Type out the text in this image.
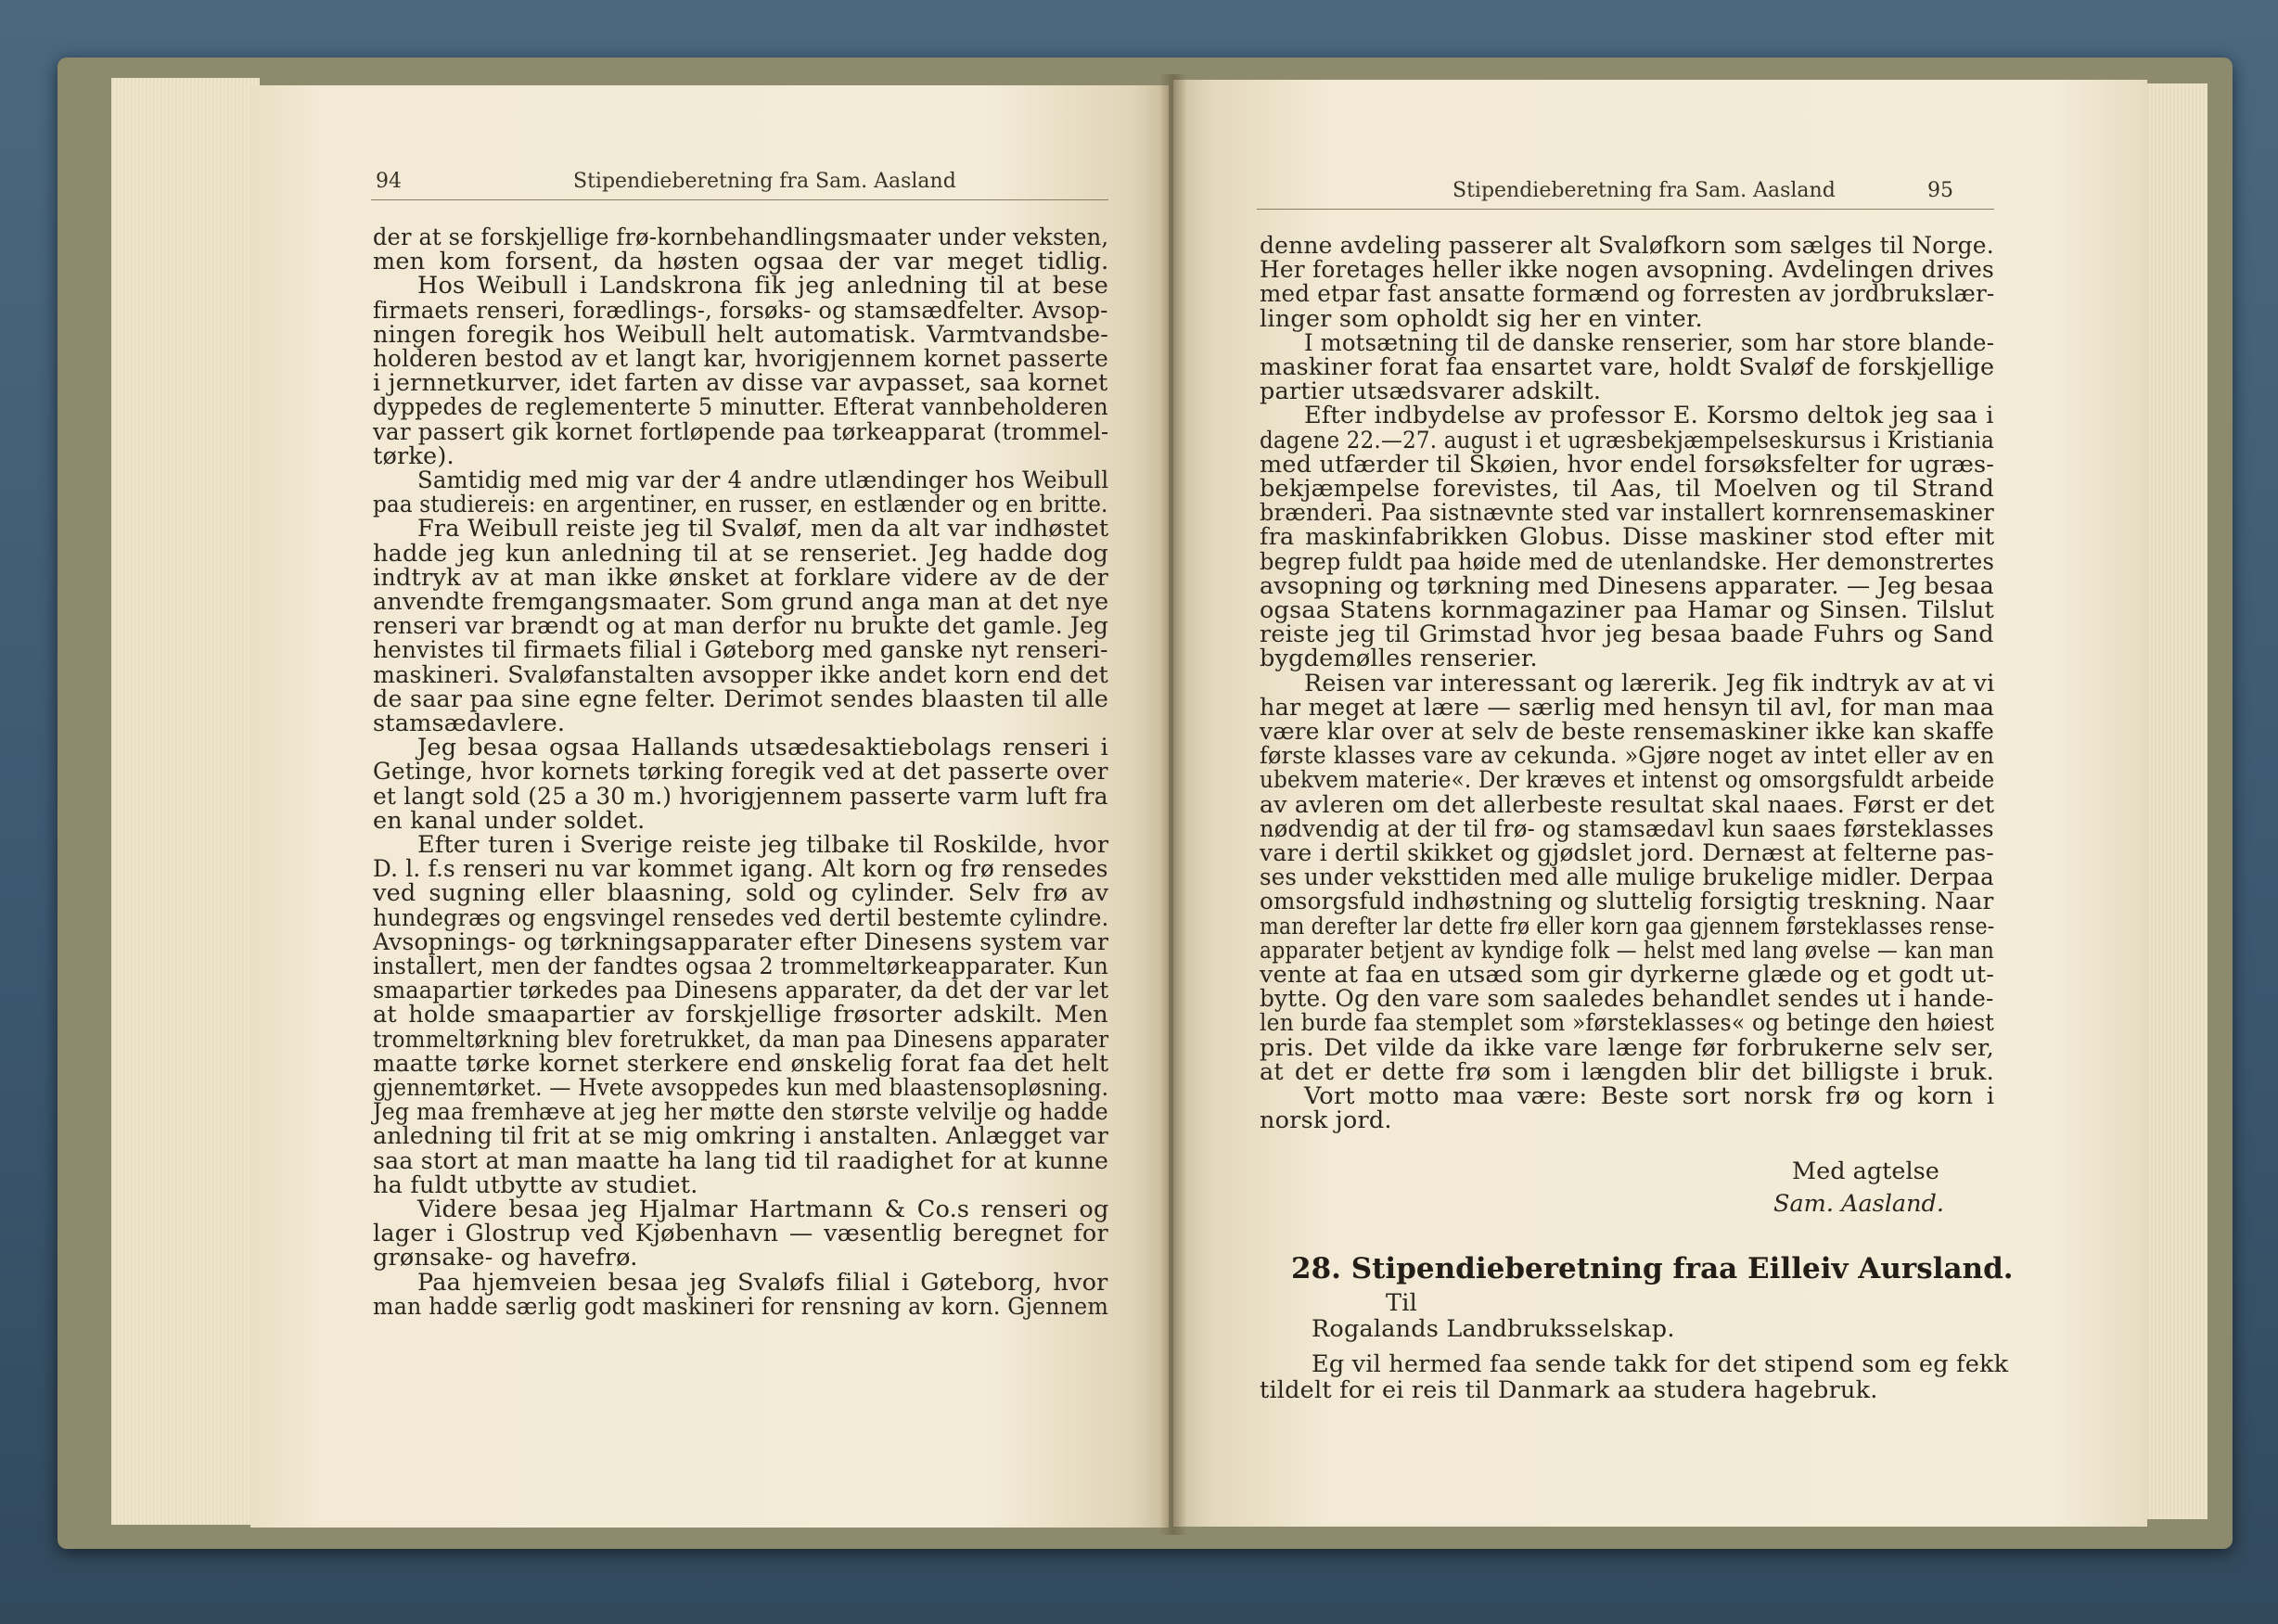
94	Stipendieberetning fra Sam. Aasland	Stipendieberetning fra Sam. Aasland	95
der at se forskjellige frø-kornbehandlingsmaater under veksten,
men kom forsent, da høsten ogsaa der var meget tidlig.
Hos Weibull i Landskrona fik jeg anledning til at bese
firmaets renseri, forædlings-, forsøks- og stamsædfelter. Avsop-
ningen foregik hos Weibull helt automatisk. Varmtvandsbe-
holderen bestod av et langt kar, hvorigjennem kornet passerte
i jernnetkurver, idet farten av disse var avpasset, saa kornet
dyppedes de reglementerte 5 minutter. Efterat vannbeholderen
var passert gik kornet fortløpende paa tørkeapparat (trommel-
tørke).
Samtidig med mig var der 4 andre utlændinger hos Weibull
paa studiereis: en argentiner, en russer, en estlænder og en britte.
Fra Weibull reiste jeg til Svaløf, men da alt var indhøstet
hadde jeg kun anledning til at se renseriet. Jeg hadde dog
indtryk av at man ikke ønsket at forklare videre av de der
anvendte fremgangsmaater. Som grund anga man at det nye
renseri var brændt og at man derfor nu brukte det gamle. Jeg
henvistes til firmaets filial i Gøteborg med ganske nyt renseri-
maskineri. Svaløfanstalten avsopper ikke andet korn end det
de saar paa sine egne felter. Derimot sendes blaasten til alle
stamsædavlere.
Jeg besaa ogsaa Hallands utsædesaktiebolags renseri i
Getinge, hvor kornets tørking foregik ved at det passerte over
et langt sold (25 a 30 m.) hvorigjennem passerte varm luft fra
en kanal under soldet.
Efter turen i Sverige reiste jeg tilbake til Roskilde, hvor
D. l. f.s renseri nu var kommet igang. Alt korn og frø rensedes
ved sugning eller blaasning, sold og cylinder. Selv frø av
hundegræs og engsvingel rensedes ved dertil bestemte cylindre.
Avsopnings- og tørkningsapparater efter Dinesens system var
installert, men der fandtes ogsaa 2 trommeltørkeapparater. Kun
smaapartier tørkedes paa Dinesens apparater, da det der var let
at holde smaapartier av forskjellige frøsorter adskilt. Men
trommeltørkning blev foretrukket, da man paa Dinesens apparater
maatte tørke kornet sterkere end ønskelig forat faa det helt
gjennemtørket. — Hvete avsoppedes kun med blaastensopløsning.
Jeg maa fremhæve at jeg her møtte den største velvilje og hadde
anledning til frit at se mig omkring i anstalten. Anlægget var
saa stort at man maatte ha lang tid til raadighet for at kunne
ha fuldt utbytte av studiet.
Videre besaa jeg Hjalmar Hartmann & Co.s renseri og
lager i Glostrup ved Kjøbenhavn — væsentlig beregnet for
grønsake- og havefrø.
Paa hjemveien besaa jeg Svaløfs filial i Gøteborg, hvor
man hadde særlig godt maskineri for rensning av korn. Gjennem
denne avdeling passerer alt Svaløfkorn som sælges til Norge.
Her foretages heller ikke nogen avsopning. Avdelingen drives
med etpar fast ansatte formænd og forresten av jordbrukslær-
linger som opholdt sig her en vinter.
I motsætning til de danske renserier, som har store blande-
maskiner forat faa ensartet vare, holdt Svaløf de forskjellige
partier utsædsvarer adskilt.
Efter indbydelse av professor E. Korsmo deltok jeg saa i
dagene 22.—27. august i et ugræsbekjæmpelseskursus i Kristiania
med utfærder til Skøien, hvor endel forsøksfelter for ugræs-
bekjæmpelse forevistes, til Aas, til Moelven og til Strand
brænderi. Paa sistnævnte sted var installert kornrensemaskiner
fra maskinfabrikken Globus. Disse maskiner stod efter mit
begrep fuldt paa høide med de utenlandske. Her demonstrertes
avsopning og tørkning med Dinesens apparater. — Jeg besaa
ogsaa Statens kornmagaziner paa Hamar og Sinsen. Tilslut
reiste jeg til Grimstad hvor jeg besaa baade Fuhrs og Sand
bygdemølles renserier.
Reisen var interessant og lærerik. Jeg fik indtryk av at vi
har meget at lære — særlig med hensyn til avl, for man maa
være klar over at selv de beste rensemaskiner ikke kan skaffe
første klasses vare av cekunda. »Gjøre noget av intet eller av en
ubekvem materie«. Der kræves et intenst og omsorgsfuldt arbeide
av avleren om det allerbeste resultat skal naaes. Først er det
nødvendig at der til frø- og stamsædavl kun saaes førsteklasses
vare i dertil skikket og gjødslet jord. Dernæst at felterne pas-
ses under veksttiden med alle mulige brukelige midler. Derpaa
omsorgsfuld indhøstning og sluttelig forsigtig treskning. Naar
man derefter lar dette frø eller korn gaa gjennem førsteklasses rense-
apparater betjent av kyndige folk — helst med lang øvelse — kan man
vente at faa en utsæd som gir dyrkerne glæde og et godt ut-
bytte. Og den vare som saaledes behandlet sendes ut i hande-
len burde faa stemplet som »førsteklasses« og betinge den høiest
pris. Det vilde da ikke vare længe før forbrukerne selv ser,
at det er dette frø som i længden blir det billigste i bruk.
Vort motto maa være: Beste sort norsk frø og korn i
norsk jord.
Med agtelse
Sam. Aasland.
28. Stipendieberetning fraa Eilleiv Aursland.
Til
Rogalands Landbruksselskap.
Eg vil hermed faa sende takk for det stipend som eg fekk
tildelt for ei reis til Danmark aa studera hagebruk.
